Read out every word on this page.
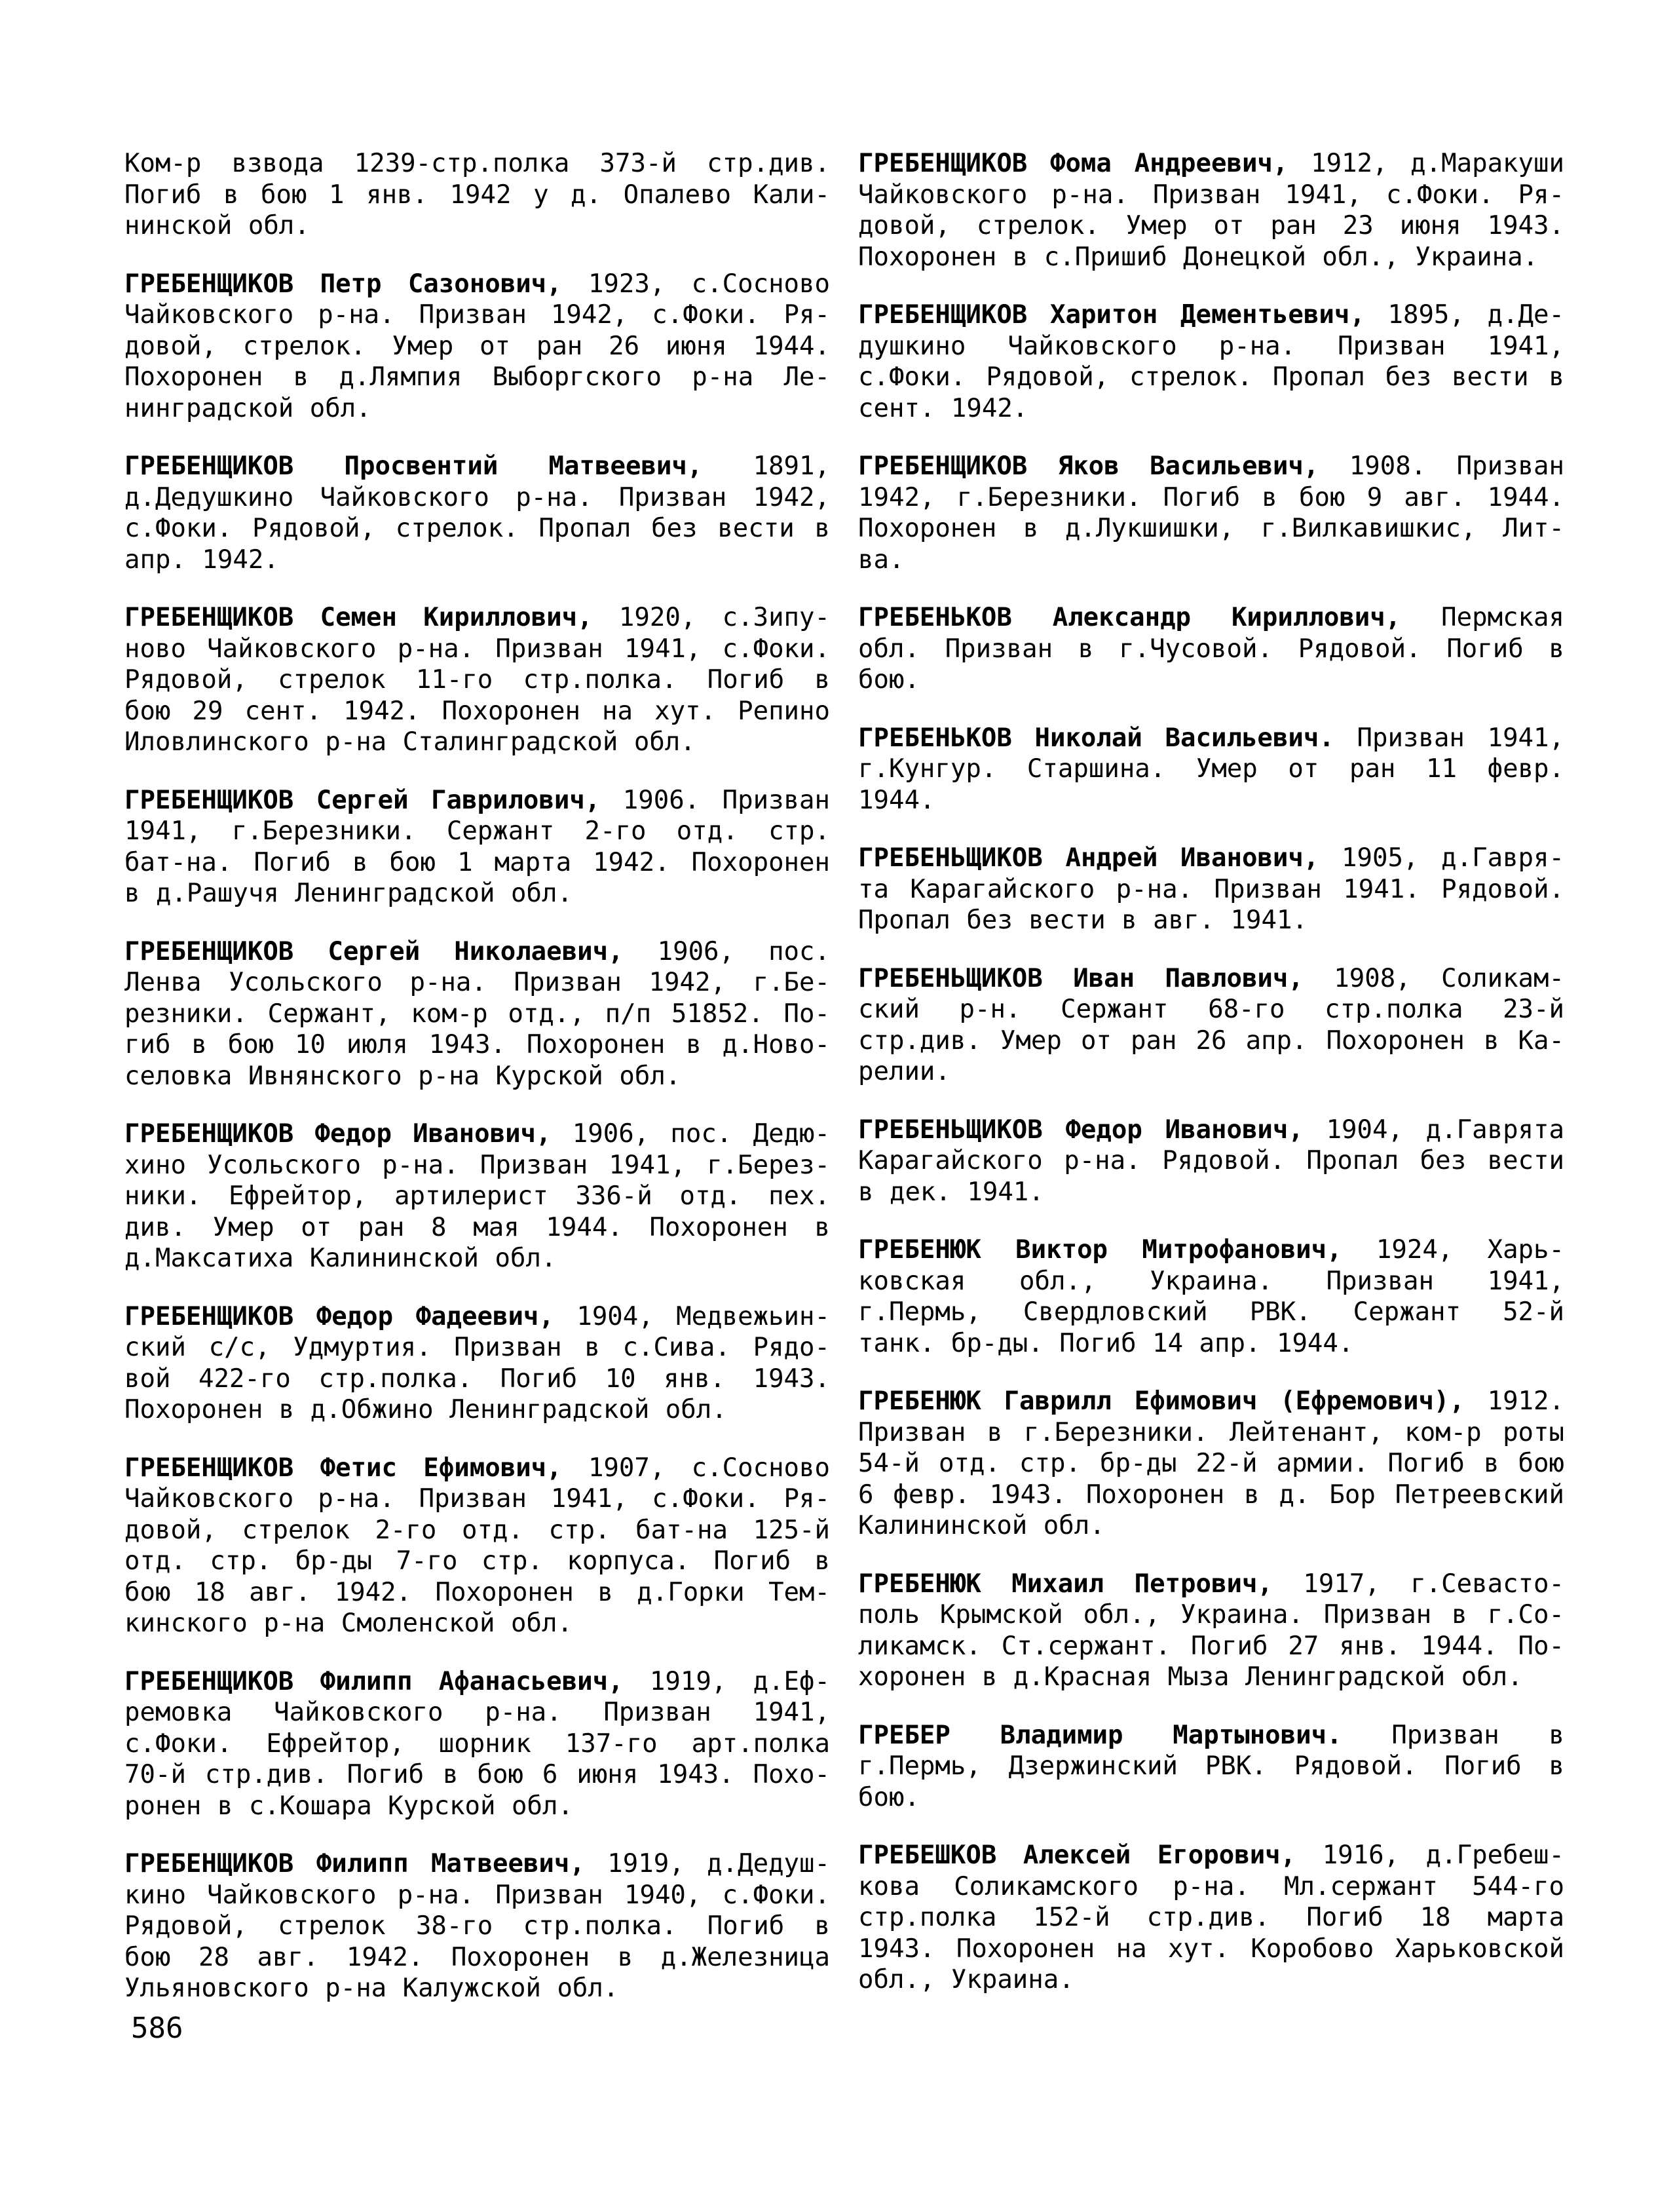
Ком-р взвода 1239-стр.полка 373-й стр.див.
Погиб в бою 1 янв. 1942 у д. Опалево Кали-
нинской обл.
ГРЕБЕНЩИКОВ Петр Сазонович, 1923, с.Сосново
Чайковского р-на. Призван 1942, с.Фоки. Ря-
довой, стрелок. Умер от ран 26 июня 1944.
Похоронен в д.Лямпия Выборгского р-на Ле-
нинградской обл.
ГРЕБЕНЩИКОВ Просвентий Матвеевич, 1891,
д.Дедушкино Чайковского р-на. Призван 1942,
с.Фоки. Рядовой, стрелок. Пропал без вести в
апр. 1942.
ГРЕБЕНЩИКОВ Семен Кириллович, 1920, с.Зипу-
ново Чайковского р-на. Призван 1941, с.Фоки.
Рядовой, стрелок 11-го стр.полка. Погиб в
бою 29 сент. 1942. Похоронен на хут. Репино
Иловлинского р-на Сталинградской обл.
ГРЕБЕНЩИКОВ Сергей Гаврилович, 1906. Призван
1941, г.Березники. Сержант 2-го отд. стр.
бат-на. Погиб в бою 1 марта 1942. Похоронен
в д.Рашучя Ленинградской обл.
ГРЕБЕНЩИКОВ Сергей Николаевич, 1906, пос.
Ленва Усольского р-на. Призван 1942, г.Бе-
резники. Сержант, ком-р отд., п/п 51852. По-
гиб в бою 10 июля 1943. Похоронен в д.Ново-
селовка Ивнянского р-на Курской обл.
ГРЕБЕНЩИКОВ Федор Иванович, 1906, пос. Дедю-
хино Усольского р-на. Призван 1941, г.Берез-
ники. Ефрейтор, артилерист 336-й отд. пех.
див. Умер от ран 8 мая 1944. Похоронен в
д.Максатиха Калининской обл.
ГРЕБЕНЩИКОВ Федор Фадеевич, 1904, Медвежьин-
ский с/с, Удмуртия. Призван в с.Сива. Рядо-
вой 422-го стр.полка. Погиб 10 янв. 1943.
Похоронен в д.Обжино Ленинградской обл.
ГРЕБЕНЩИКОВ Фетис Ефимович, 1907, с.Сосново
Чайковского р-на. Призван 1941, с.Фоки. Ря-
довой, стрелок 2-го отд. стр. бат-на 125-й
отд. стр. бр-ды 7-го стр. корпуса. Погиб в
бою 18 авг. 1942. Похоронен в д.Горки Тем-
кинского р-на Смоленской обл.
ГРЕБЕНЩИКОВ Филипп Афанасьевич, 1919, д.Еф-
ремовка Чайковского р-на. Призван 1941,
с.Фоки. Ефрейтор, шорник 137-го арт.полка
70-й стр.див. Погиб в бою 6 июня 1943. Похо-
ронен в с.Кошара Курской обл.
ГРЕБЕНЩИКОВ Филипп Матвеевич, 1919, д.Дедуш-
кино Чайковского р-на. Призван 1940, с.Фоки.
Рядовой, стрелок 38-го стр.полка. Погиб в
бою 28 авг. 1942. Похоронен в д.Железница
Ульяновского р-на Калужской обл.
ГРЕБЕНЩИКОВ Фома Андреевич, 1912, д.Маракуши
Чайковского р-на. Призван 1941, с.Фоки. Ря-
довой, стрелок. Умер от ран 23 июня 1943.
Похоронен в с.Пришиб Донецкой обл., Украина.
ГРЕБЕНЩИКОВ Харитон Дементьевич, 1895, д.Де-
душкино Чайковского р-на. Призван 1941,
с.Фоки. Рядовой, стрелок. Пропал без вести в
сент. 1942.
ГРЕБЕНЩИКОВ Яков Васильевич, 1908. Призван
1942, г.Березники. Погиб в бою 9 авг. 1944.
Похоронен в д.Лукшишки, г.Вилкавишкис, Лит-
ва.
ГРЕБЕНЬКОВ Александр Кириллович, Пермская
обл. Призван в г.Чусовой. Рядовой. Погиб в
бою.
ГРЕБЕНЬКОВ Николай Васильевич. Призван 1941,
г.Кунгур. Старшина. Умер от ран 11 февр.
1944.
ГРЕБЕНЬЩИКОВ Андрей Иванович, 1905, д.Гавря-
та Карагайского р-на. Призван 1941. Рядовой.
Пропал без вести в авг. 1941.
ГРЕБЕНЬЩИКОВ Иван Павлович, 1908, Соликам-
ский р-н. Сержант 68-го стр.полка 23-й
стр.див. Умер от ран 26 апр. Похоронен в Ка-
релии.
ГРЕБЕНЬЩИКОВ Федор Иванович, 1904, д.Гаврята
Карагайского р-на. Рядовой. Пропал без вести
в дек. 1941.
ГРЕБЕНЮК Виктор Митрофанович, 1924, Харь-
ковская обл., Украина. Призван 1941,
г.Пермь, Свердловский РВК. Сержант 52-й
танк. бр-ды. Погиб 14 апр. 1944.
ГРЕБЕНЮК Гаврилл Ефимович (Ефремович), 1912.
Призван в г.Березники. Лейтенант, ком-р роты
54-й отд. стр. бр-ды 22-й армии. Погиб в бою
6 февр. 1943. Похоронен в д. Бор Петреевский
Калининской обл.
ГРЕБЕНЮК Михаил Петрович, 1917, г.Севасто-
поль Крымской обл., Украина. Призван в г.Со-
ликамск. Ст.сержант. Погиб 27 янв. 1944. По-
хоронен в д.Красная Мыза Ленинградской обл.
ГРЕБЕР Владимир Мартынович. Призван в
г.Пермь, Дзержинский РВК. Рядовой. Погиб в
бою.
ГРЕБЕШКОВ Алексей Егорович, 1916, д.Гребеш-
кова Соликамского р-на. Мл.сержант 544-го
стр.полка 152-й стр.див. Погиб 18 марта
1943. Похоронен на хут. Коробово Харьковской
обл., Украина.
586
